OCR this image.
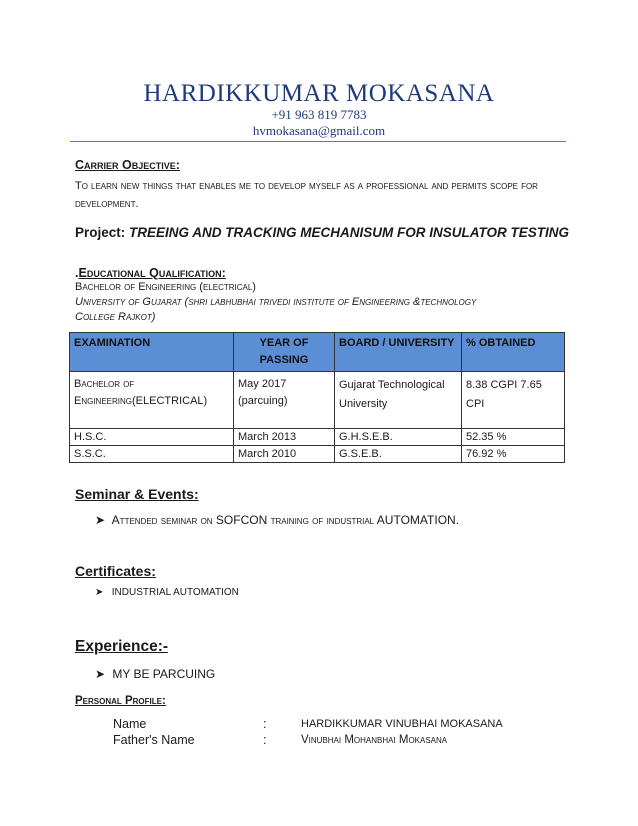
HARDIKKUMAR MOKASANA
+91 963 819 7783
hvmokasana@gmail.com
Carrier Objective:
To learn new things that enables me to develop myself as a professional and permits scope for development.
Project: TREEING AND TRACKING MECHANISUM FOR INSULATOR TESTING
.Educational Qualification:
Bachelor of Engineering (electrical)
University of Gujarat (shri labhubhai trivedi institute of Engineering &technology
College Rajkot)
EXAMINATION	YEAR OF PASSING	BOARD / UNIVERSITY	% OBTAINED
Bachelor of Engineering(ELECTRICAL)	May 2017 (parcuing)	Gujarat Technological University	8.38 CGPI 7.65 CPI
H.S.C.	March 2013	G.H.S.E.B.	52.35 %
S.S.C.	March 2010	G.S.E.B.	76.92 %
Seminar & Events:
➤ Attended seminar on SOFCON training of industrial AUTOMATION.
Certificates:
➤ INDUSTRIAL AUTOMATION
Experience:-
➤ MY BE PARCUING
Personal Profile:
Name	:	HARDIKKUMAR VINUBHAI MOKASANA
Father's Name	:	Vinubhai Mohanbhai Mokasana
